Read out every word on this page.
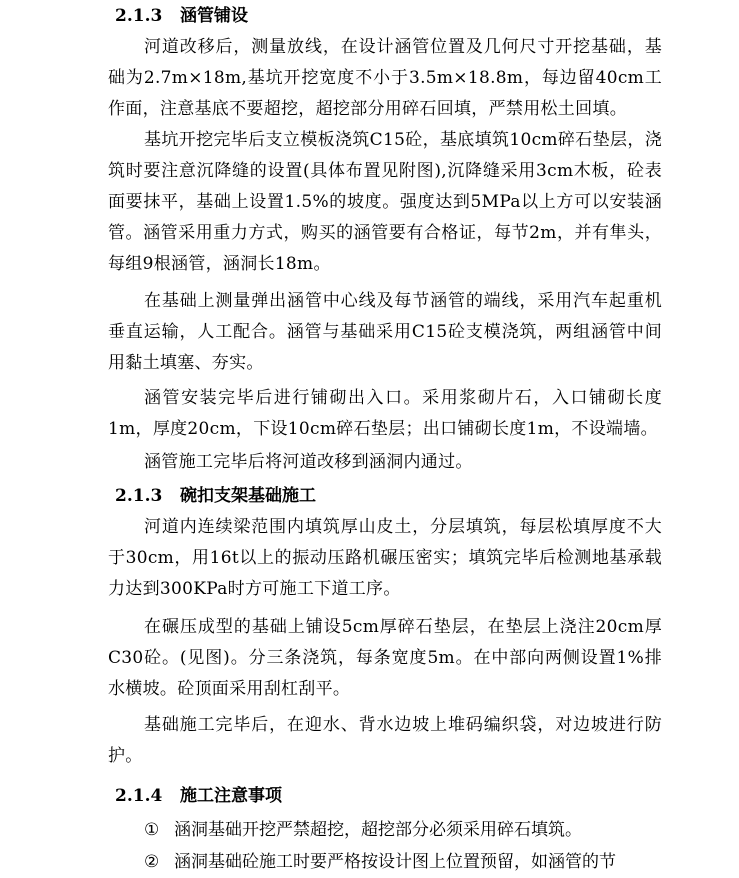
2.1.3 涵管铺设

河道改移后，测量放线，在设计涵管位置及几何尺寸开挖基础，基础为2.7m×18m,基坑开挖宽度不小于3.5m×18.8m，每边留40cm工作面，注意基底不要超挖，超挖部分用碎石回填，严禁用松土回填。

基坑开挖完毕后支立模板浇筑C15砼，基底填筑10cm碎石垫层，浇筑时要注意沉降缝的设置(具体布置见附图),沉降缝采用3cm木板，砼表面要抹平，基础上设置1.5%的坡度。强度达到5MPa以上方可以安装涵管。涵管采用重力方式，购买的涵管要有合格证，每节2m，并有隼头，每组9根涵管，涵洞长18m。

在基础上测量弹出涵管中心线及每节涵管的端线，采用汽车起重机垂直运输，人工配合。涵管与基础采用C15砼支模浇筑，两组涵管中间用黏土填塞、夯实。

涵管安装完毕后进行铺砌出入口。采用浆砌片石，入口铺砌长度1m，厚度20cm，下设10cm碎石垫层；出口铺砌长度1m，不设端墙。

涵管施工完毕后将河道改移到涵洞内通过。

2.1.3 碗扣支架基础施工

河道内连续梁范围内填筑厚山皮土，分层填筑，每层松填厚度不大于30cm，用16t以上的振动压路机碾压密实；填筑完毕后检测地基承载力达到300KPa时方可施工下道工序。

在碾压成型的基础上铺设5cm厚碎石垫层，在垫层上浇注20cm厚C30砼。(见图)。分三条浇筑，每条宽度5m。在中部向两侧设置1%排水横坡。砼顶面采用刮杠刮平。

基础施工完毕后，在迎水、背水边坡上堆码编织袋，对边坡进行防护。

2.1.4 施工注意事项
① 涵洞基础开挖严禁超挖，超挖部分必须采用碎石填筑。
② 涵洞基础砼施工时要严格按设计图上位置预留，如涵管的节
